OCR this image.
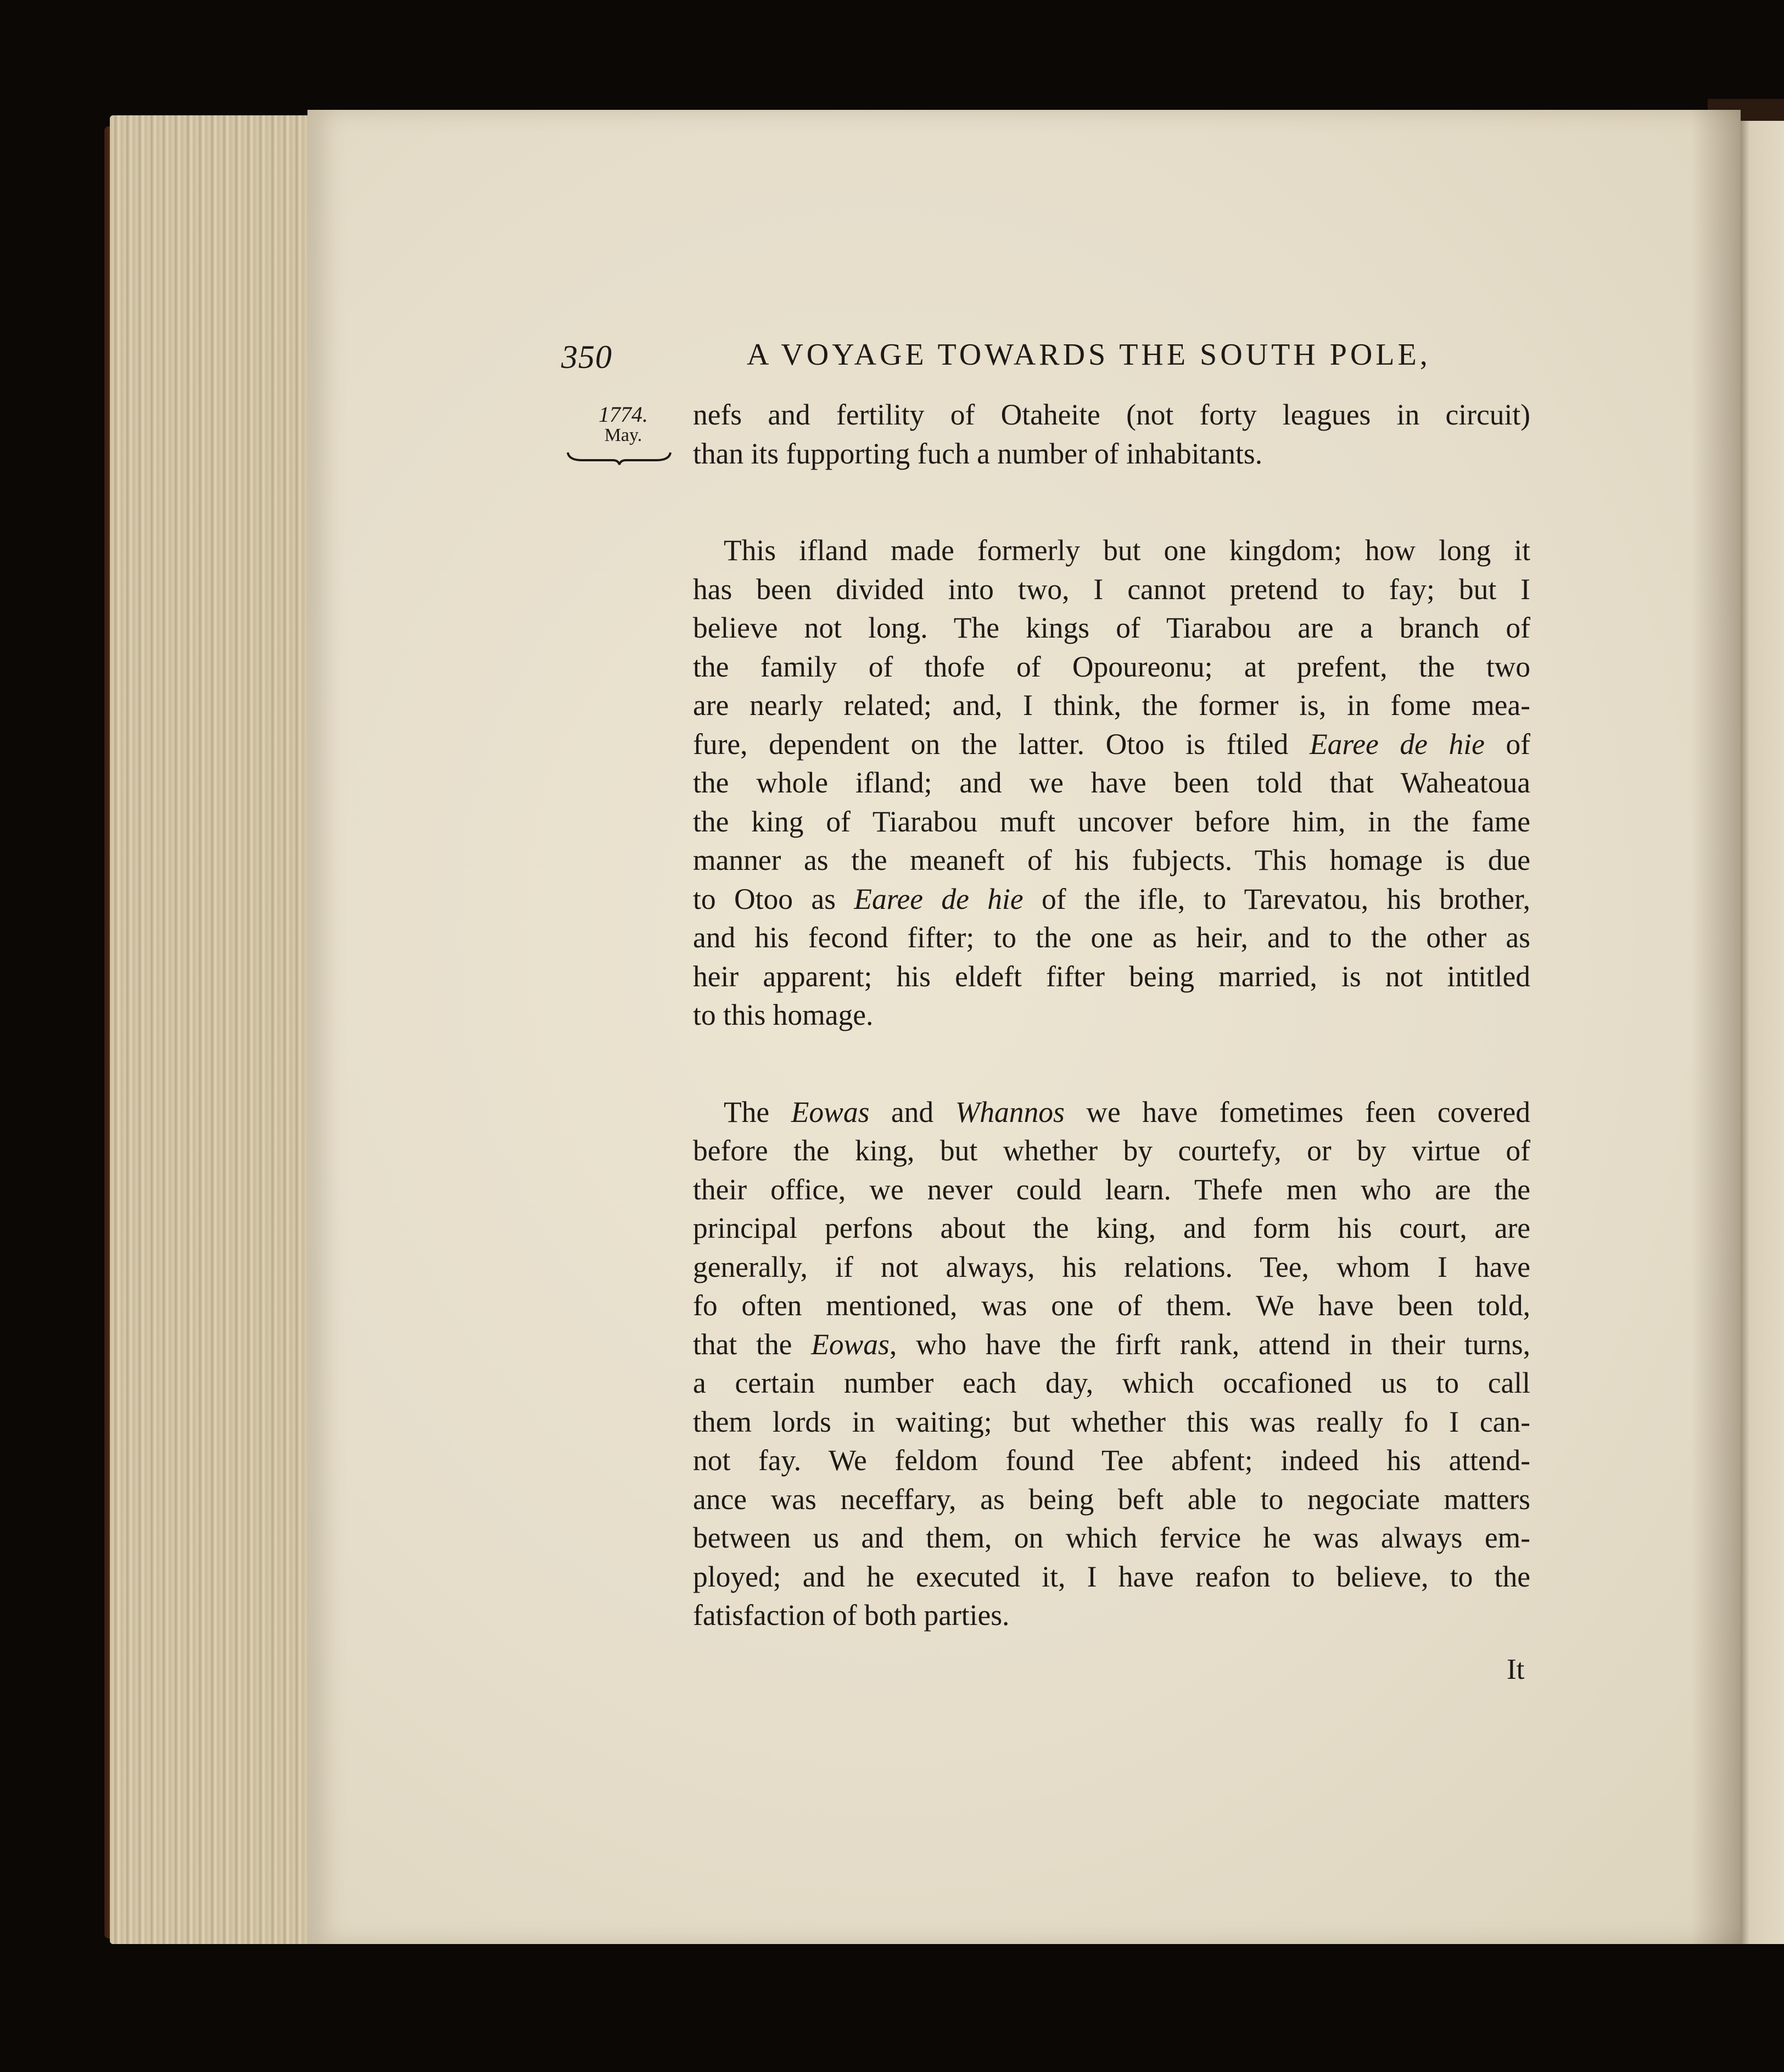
350	A VOYAGE TOWARDS THE SOUTH POLE,
1774.
May.

nefs and fertility of Otaheite (not forty leagues in circuit)
than its fupporting fuch a number of inhabitants.

This ifland made formerly but one kingdom; how long it
has been divided into two, I cannot pretend to fay; but I
believe not long. The kings of Tiarabou are a branch of
the family of thofe of Opoureonu; at prefent, the two
are nearly related; and, I think, the former is, in fome mea-
fure, dependent on the latter. Otoo is ftiled Earee de hie of
the whole ifland; and we have been told that Waheatoua
the king of Tiarabou muft uncover before him, in the fame
manner as the meaneft of his fubjects. This homage is due
to Otoo as Earee de hie of the ifle, to Tarevatou, his brother,
and his fecond fifter; to the one as heir, and to the other as
heir apparent; his eldeft fifter being married, is not intitled
to this homage.

The Eowas and Whannos we have fometimes feen covered
before the king, but whether by courtefy, or by virtue of
their office, we never could learn. Thefe men who are the
principal perfons about the king, and form his court, are
generally, if not always, his relations. Tee, whom I have
fo often mentioned, was one of them. We have been told,
that the Eowas, who have the firft rank, attend in their turns,
a certain number each day, which occafioned us to call
them lords in waiting; but whether this was really fo I can-
not fay. We feldom found Tee abfent; indeed his attend-
ance was neceffary, as being beft able to negociate matters
between us and them, on which fervice he was always em-
ployed; and he executed it, I have reafon to believe, to the
fatisfaction of both parties.

It
